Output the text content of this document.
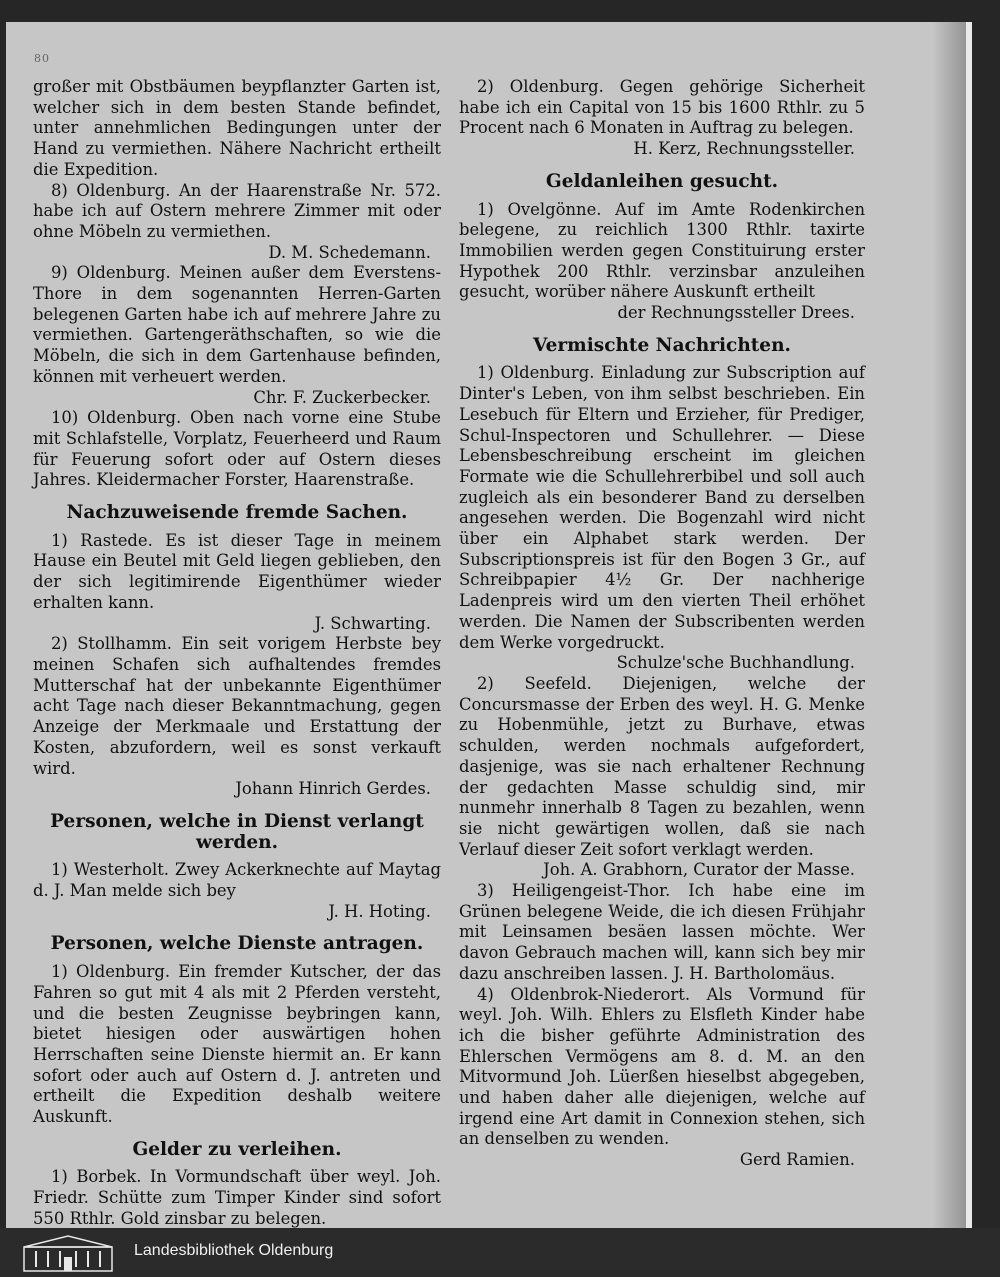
80

großer mit Obstbäumen beypflanzter Garten ist, welcher sich in dem besten Stande befindet, unter annehmlichen Bedingungen unter der Hand zu vermiethen. Nähere Nachricht ertheilt die Expedition.

8) Oldenburg. An der Haarenstraße Nr. 572. habe ich auf Ostern mehrere Zimmer mit oder ohne Möbeln zu vermiethen.

D. M. Schedemann.

9) Oldenburg. Meinen außer dem Everstens-Thore in dem sogenannten Herren-Garten belegenen Garten habe ich auf mehrere Jahre zu vermiethen. Gartengeräthschaften, so wie die Möbeln, die sich in dem Gartenhause befinden, können mit verheuert werden.

Chr. F. Zuckerbecker.

10) Oldenburg. Oben nach vorne eine Stube mit Schlafstelle, Vorplatz, Feuerheerd und Raum für Feuerung sofort oder auf Ostern dieses Jahres. Kleidermacher Forster, Haarenstraße.

Nachzuweisende fremde Sachen.

1) Rastede. Es ist dieser Tage in meinem Hause ein Beutel mit Geld liegen geblieben, den der sich legitimirende Eigenthümer wieder erhalten kann.

J. Schwarting.

2) Stollhamm. Ein seit vorigem Herbste bey meinen Schafen sich aufhaltendes fremdes Mutterschaf hat der unbekannte Eigenthümer acht Tage nach dieser Bekanntmachung, gegen Anzeige der Merkmaale und Erstattung der Kosten, abzufordern, weil es sonst verkauft wird.

Johann Hinrich Gerdes.

Personen, welche in Dienst verlangt werden.

1) Westerholt. Zwey Ackerknechte auf Maytag d. J. Man melde sich bey

J. H. Hoting.

Personen, welche Dienste antragen.

1) Oldenburg. Ein fremder Kutscher, der das Fahren so gut mit 4 als mit 2 Pferden versteht, und die besten Zeugnisse beybringen kann, bietet hiesigen oder auswärtigen hohen Herrschaften seine Dienste hiermit an. Er kann sofort oder auch auf Ostern d. J. antreten und ertheilt die Expedition deshalb weitere Auskunft.

Gelder zu verleihen.

1) Borbek. In Vormundschaft über weyl. Joh. Friedr. Schütte zum Timper Kinder sind sofort 550 Rthlr. Gold zinsbar zu belegen.

2) Oldenburg. Gegen gehörige Sicherheit habe ich ein Capital von 15 bis 1600 Rthlr. zu 5 Procent nach 6 Monaten in Auftrag zu belegen.

H. Kerz, Rechnungssteller.

Geldanleihen gesucht.

1) Ovelgönne. Auf im Amte Rodenkirchen belegene, zu reichlich 1300 Rthlr. taxirte Immobilien werden gegen Constituirung erster Hypothek 200 Rthlr. verzinsbar anzuleihen gesucht, worüber nähere Auskunft ertheilt

der Rechnungssteller Drees.

Vermischte Nachrichten.

1) Oldenburg. Einladung zur Subscription auf Dinter's Leben, von ihm selbst beschrieben. Ein Lesebuch für Eltern und Erzieher, für Prediger, Schul-Inspectoren und Schullehrer. — Diese Lebensbeschreibung erscheint im gleichen Formate wie die Schullehrerbibel und soll auch zugleich als ein besonderer Band zu derselben angesehen werden. Die Bogenzahl wird nicht über ein Alphabet stark werden. Der Subscriptionspreis ist für den Bogen 3 Gr., auf Schreibpapier 4½ Gr. Der nachherige Ladenpreis wird um den vierten Theil erhöhet werden. Die Namen der Subscribenten werden dem Werke vorgedruckt.

Schulze'sche Buchhandlung.

2) Seefeld. Diejenigen, welche der Concursmasse der Erben des weyl. H. G. Menke zu Hobenmühle, jetzt zu Burhave, etwas schulden, werden nochmals aufgefordert, dasjenige, was sie nach erhaltener Rechnung der gedachten Masse schuldig sind, mir nunmehr innerhalb 8 Tagen zu bezahlen, wenn sie nicht gewärtigen wollen, daß sie nach Verlauf dieser Zeit sofort verklagt werden.

Joh. A. Grabhorn, Curator der Masse.

3) Heiligengeist-Thor. Ich habe eine im Grünen belegene Weide, die ich diesen Frühjahr mit Leinsamen besäen lassen möchte. Wer davon Gebrauch machen will, kann sich bey mir dazu anschreiben lassen. J. H. Bartholomäus.

4) Oldenbrok-Niederort. Als Vormund für weyl. Joh. Wilh. Ehlers zu Elsfleth Kinder habe ich die bisher geführte Administration des Ehlerschen Vermögens am 8. d. M. an den Mitvormund Joh. Lüerßen hieselbst abgegeben, und haben daher alle diejenigen, welche auf irgend eine Art damit in Connexion stehen, sich an denselben zu wenden.

Gerd Ramien.

Landesbibliothek Oldenburg
